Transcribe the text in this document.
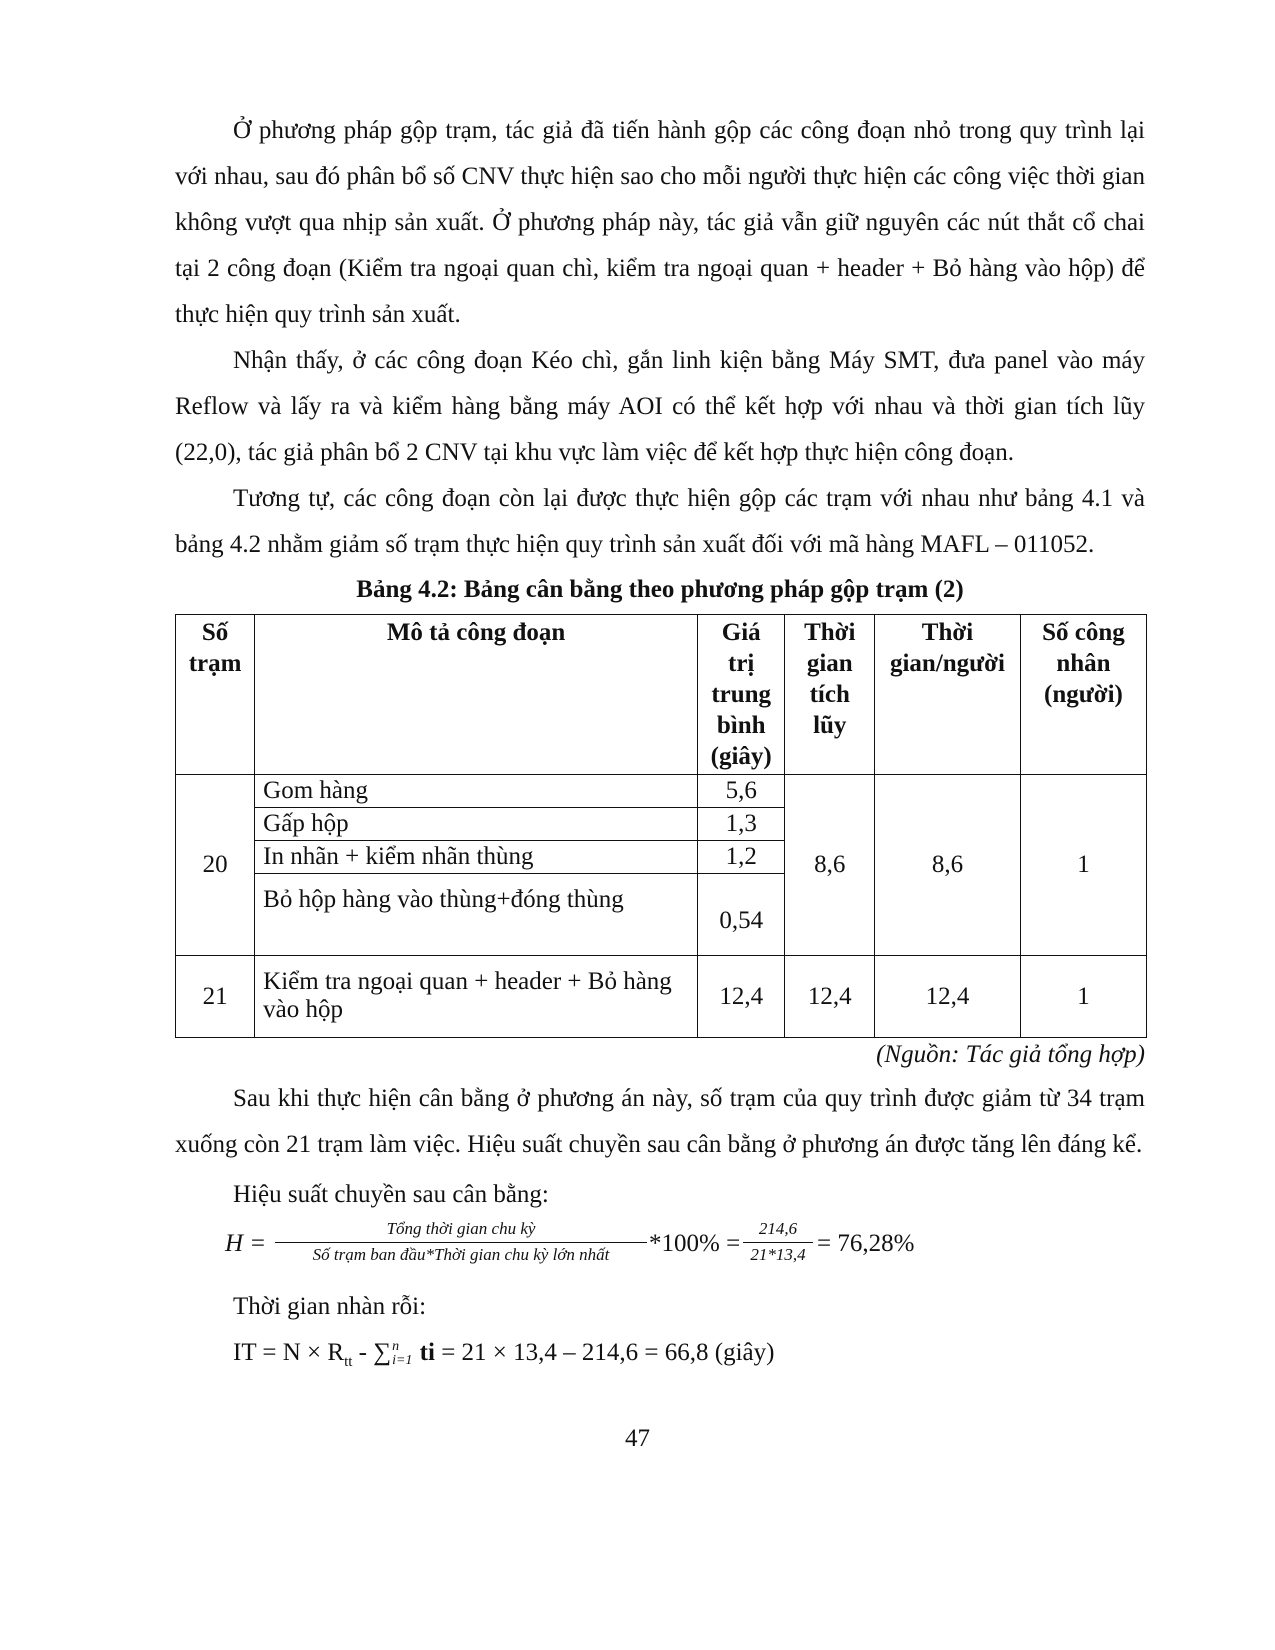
Ở phương pháp gộp trạm, tác giả đã tiến hành gộp các công đoạn nhỏ trong quy trình lại với nhau, sau đó phân bổ số CNV thực hiện sao cho mỗi người thực hiện các công việc thời gian không vượt qua nhịp sản xuất. Ở phương pháp này, tác giả vẫn giữ nguyên các nút thắt cổ chai tại 2 công đoạn (Kiểm tra ngoại quan chì, kiểm tra ngoại quan + header + Bỏ hàng vào hộp) để thực hiện quy trình sản xuất.

Nhận thấy, ở các công đoạn Kéo chì, gắn linh kiện bằng Máy SMT, đưa panel vào máy Reflow và lấy ra và kiểm hàng bằng máy AOI có thể kết hợp với nhau và thời gian tích lũy (22,0), tác giả phân bổ 2 CNV tại khu vực làm việc để kết hợp thực hiện công đoạn.

Tương tự, các công đoạn còn lại được thực hiện gộp các trạm với nhau như bảng 4.1 và bảng 4.2 nhằm giảm số trạm thực hiện quy trình sản xuất đối với mã hàng MAFL – 011052.

Bảng 4.2: Bảng cân bằng theo phương pháp gộp trạm (2)
Số trạm	Mô tả công đoạn	Giá trị trung bình (giây)	Thời gian tích lũy	Thời gian/người	Số công nhân (người)
20	Gom hàng	5,6	8,6	8,6	1
	Gấp hộp	1,3			
	In nhãn + kiểm nhãn thùng	1,2			
	Bỏ hộp hàng vào thùng+đóng thùng	0,54			
21	Kiểm tra ngoại quan + header + Bỏ hàng vào hộp	12,4	12,4	12,4	1
(Nguồn: Tác giả tổng hợp)

Sau khi thực hiện cân bằng ở phương án này, số trạm của quy trình được giảm từ 34 trạm xuống còn 21 trạm làm việc. Hiệu suất chuyền sau cân bằng ở phương án được tăng lên đáng kể.

Hiệu suất chuyền sau cân bằng:
H =
Tổng thời gian chu kỳ
Số trạm ban đầu*Thời gian chu kỳ lớn nhất	$*100\% = \frac{214,6}{21*13,4} = 76,28\%$
Thời gian nhàn rỗi:
IT = $N \times R_{tt}$ - ∑ n
i=1 ti = 21 × 13,4 – 214,6 = 66,8 (giây)
47
